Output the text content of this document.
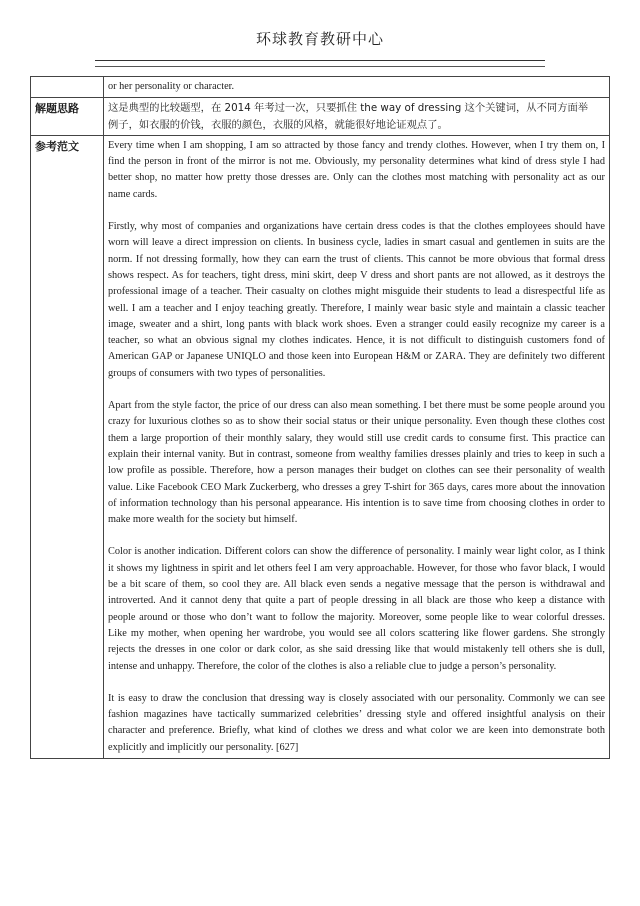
环球教育教研中心
	or her personality or character.
解题思路	这是典型的比较题型，在 2014 年考过一次，只要抓住 the way of dressing 这个关键词，从不同方面举
例子，如衣服的价钱，衣服的颜色，衣服的风格，就能很好地论证观点了。
参考范文	Every time when I am shopping, I am so attracted by those fancy and trendy clothes. However, when I try them on, I find the person in front of the mirror is not me. Obviously, my personality determines what kind of dress style I had better shop, no matter how pretty those dresses are. Only can the clothes most matching with personality act as our name cards.

Firstly, why most of companies and organizations have certain dress codes is that the clothes employees should have worn will leave a direct impression on clients. In business cycle, ladies in smart casual and gentlemen in suits are the norm. If not dressing formally, how they can earn the trust of clients. This cannot be more obvious that formal dress shows respect. As for teachers, tight dress, mini skirt, deep V dress and short pants are not allowed, as it destroys the professional image of a teacher. Their casualty on clothes might misguide their students to lead a disrespectful life as well. I am a teacher and I enjoy teaching greatly. Therefore, I mainly wear basic style and maintain a classic teacher image, sweater and a shirt, long pants with black work shoes. Even a stranger could easily recognize my career is a teacher, so what an obvious signal my clothes indicates. Hence, it is not difficult to distinguish customers fond of American GAP or Japanese UNIQLO and those keen into European H&M or ZARA. They are definitely two different groups of consumers with two types of personalities.

Apart from the style factor, the price of our dress can also mean something. I bet there must be some people around you crazy for luxurious clothes so as to show their social status or their unique personality. Even though these clothes cost them a large proportion of their monthly salary, they would still use credit cards to consume first. This practice can explain their internal vanity. But in contrast, someone from wealthy families dresses plainly and tries to keep in such a low profile as possible. Therefore, how a person manages their budget on clothes can see their personality of wealth value. Like Facebook CEO Mark Zuckerberg, who dresses a grey T-shirt for 365 days, cares more about the innovation of information technology than his personal appearance. His intention is to save time from choosing clothes in order to make more wealth for the society but himself.

Color is another indication. Different colors can show the difference of personality. I mainly wear light color, as I think it shows my lightness in spirit and let others feel I am very approachable. However, for those who favor black, I would be a bit scare of them, so cool they are. All black even sends a negative message that the person is withdrawal and introverted. And it cannot deny that quite a part of people dressing in all black are those who keep a distance with people around or those who don’t want to follow the majority. Moreover, some people like to wear colorful dresses. Like my mother, when opening her wardrobe, you would see all colors scattering like flower gardens. She strongly rejects the dresses in one color or dark color, as she said dressing like that would mistakenly tell others she is dull, intense and unhappy. Therefore, the color of the clothes is also a reliable clue to judge a person’s personality.

It is easy to draw the conclusion that dressing way is closely associated with our personality. Commonly we can see fashion magazines have tactically summarized celebrities’ dressing style and offered insightful analysis on their character and preference. Briefly, what kind of clothes we dress and what color we are keen into demonstrate both explicitly and implicitly our personality. [627]
